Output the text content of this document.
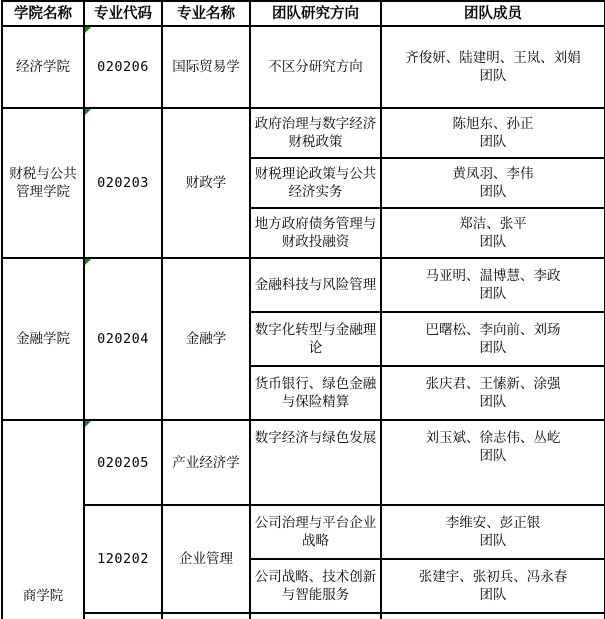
学院名称	专业代码	专业名称	团队研究方向	团队成员
经济学院	020206	国际贸易学	不区分研究方向	齐俊妍、陆建明、王岚、刘娟
团队

财税与公共管理学院	020203	财政学	政府治理与数字经济财税政策	陈旭东、孙正
团队

			财税理论政策与公共经济实务	黄凤羽、李伟
团队

			地方政府债务管理与财政投融资	郑洁、张平
团队

金融学院	020204	金融学	金融科技与风险管理	马亚明、温博慧、李政
团队

			数字化转型与金融理论	巴曙松、李向前、刘玚
团队

			货币银行、绿色金融与保险精算	张庆君、王愫新、涂强
团队

商学院	020205	产业经济学	数字经济与绿色发展	刘玉斌、徐志伟、丛屹
团队

	120202	企业管理	公司治理与平台企业战略	李维安、彭正银
团队

			公司战略、技术创新与智能服务	张建宇、张初兵、冯永春
团队
